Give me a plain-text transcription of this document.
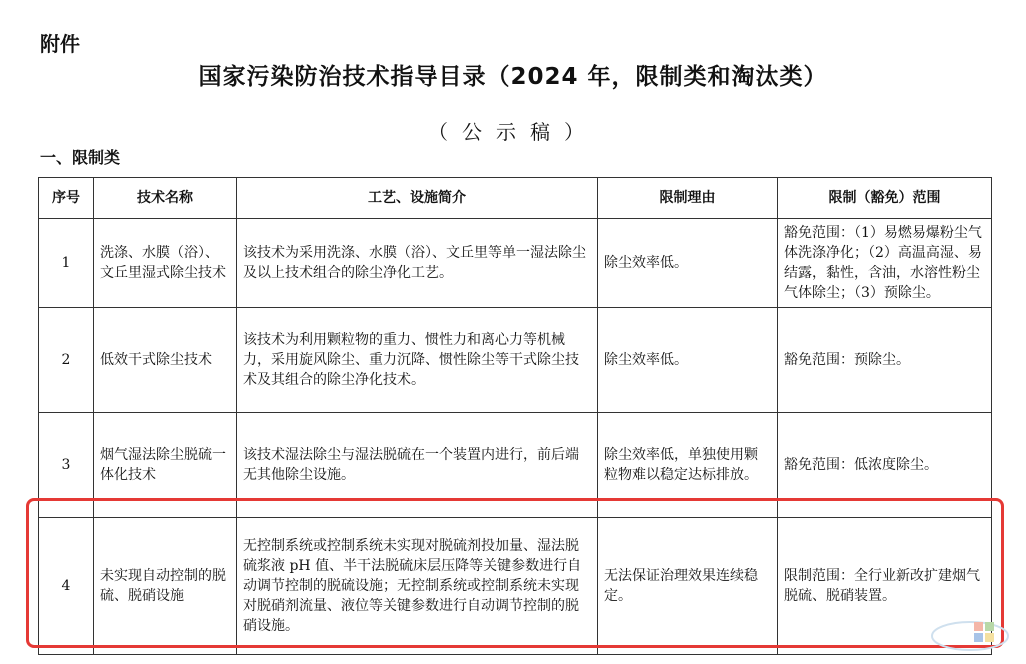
附件
国家污染防治技术指导目录（2024 年，限制类和淘汰类）
（公示稿）
一、限制类
序号	技术名称	工艺、设施简介	限制理由	限制（豁免）范围
1	洗涤、水膜（浴）、文丘里湿式除尘技术	该技术为采用洗涤、水膜（浴）、文丘里等单一湿法除尘及以上技术组合的除尘净化工艺。	除尘效率低。	豁免范围：（1）易燃易爆粉尘气体洗涤净化；（2）高温高湿、易结露，黏性，含油，水溶性粉尘气体除尘；（3）预除尘。
2	低效干式除尘技术	该技术为利用颗粒物的重力、惯性力和离心力等机械力，采用旋风除尘、重力沉降、惯性除尘等干式除尘技术及其组合的除尘净化技术。	除尘效率低。	豁免范围：预除尘。
3	烟气湿法除尘脱硫一体化技术	该技术湿法除尘与湿法脱硫在一个装置内进行，前后端无其他除尘设施。	除尘效率低，单独使用颗粒物难以稳定达标排放。	豁免范围：低浓度除尘。
4	未实现自动控制的脱硫、脱硝设施	无控制系统或控制系统未实现对脱硫剂投加量、湿法脱硫浆液 pH 值、半干法脱硫床层压降等关键参数进行自动调节控制的脱硫设施；无控制系统或控制系统未实现对脱硝剂流量、液位等关键参数进行自动调节控制的脱硝设施。	无法保证治理效果连续稳定。	限制范围：全行业新改扩建烟气脱硫、脱硝装置。
